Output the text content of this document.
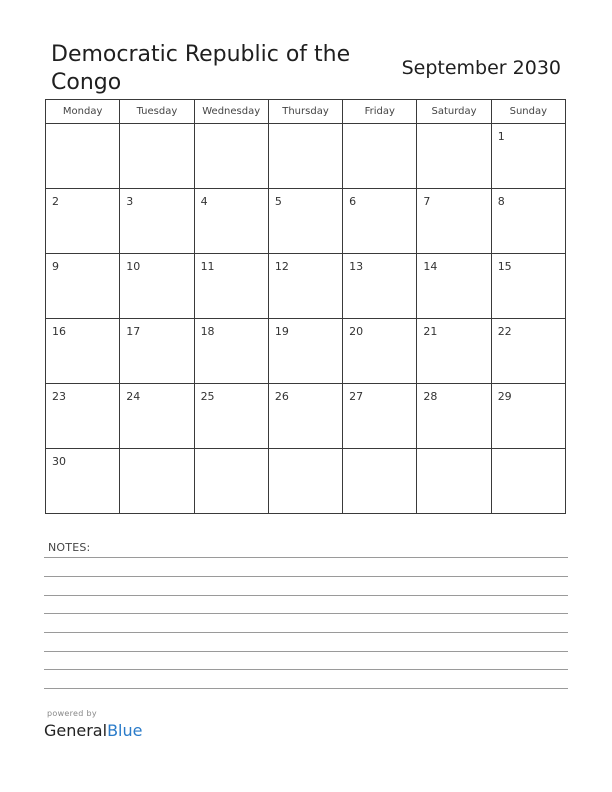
Democratic Republic of the Congo
September 2030
Monday	Tuesday	Wednesday	Thursday	Friday	Saturday	Sunday

						1

2	3	4	5	6	7	8

9	10	11	12	13	14	15

16	17	18	19	20	21	22

23	24	25	26	27	28	29

30						

NOTES:
powered by
GeneralBlue
